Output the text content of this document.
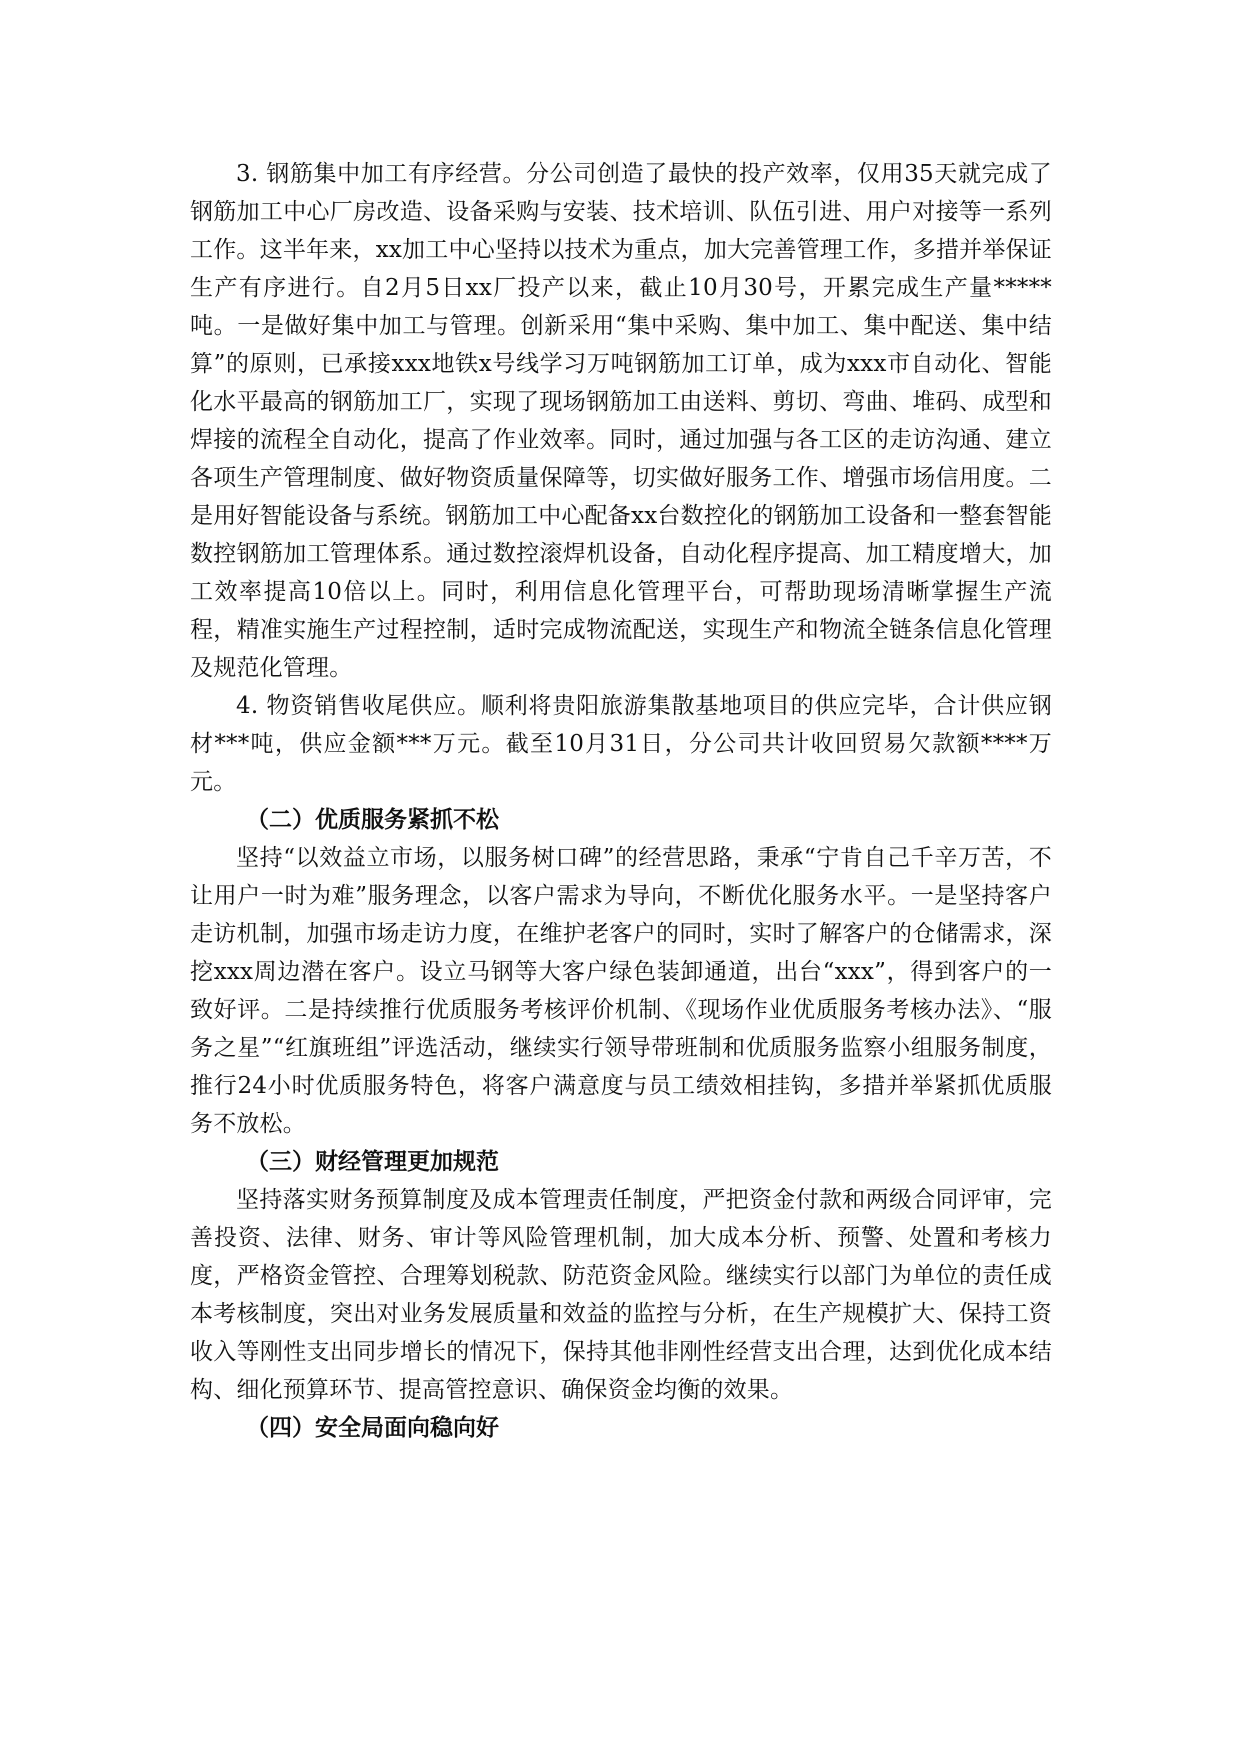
3. 钢筋集中加工有序经营。分公司创造了最快的投产效率，仅用35天就完成了钢筋加工中心厂房改造、设备采购与安装、技术培训、队伍引进、用户对接等一系列工作。这半年来，xx加工中心坚持以技术为重点，加大完善管理工作，多措并举保证生产有序进行。自2月5日xx厂投产以来，截止10月30号，开累完成生产量*****吨。一是做好集中加工与管理。创新采用“集中采购、集中加工、集中配送、集中结算”的原则，已承接xxx地铁x号线学习万吨钢筋加工订单，成为xxx市自动化、智能化水平最高的钢筋加工厂，实现了现场钢筋加工由送料、剪切、弯曲、堆码、成型和焊接的流程全自动化，提高了作业效率。同时，通过加强与各工区的走访沟通、建立各项生产管理制度、做好物资质量保障等，切实做好服务工作、增强市场信用度。二是用好智能设备与系统。钢筋加工中心配备xx台数控化的钢筋加工设备和一整套智能数控钢筋加工管理体系。通过数控滚焊机设备，自动化程序提高、加工精度增大，加工效率提高10倍以上。同时，利用信息化管理平台，可帮助现场清晰掌握生产流程，精准实施生产过程控制，适时完成物流配送，实现生产和物流全链条信息化管理及规范化管理。

4. 物资销售收尾供应。顺利将贵阳旅游集散基地项目的供应完毕，合计供应钢材***吨，供应金额***万元。截至10月31日，分公司共计收回贸易欠款额****万元。

（二）优质服务紧抓不松

坚持“以效益立市场，以服务树口碑”的经营思路，秉承“宁肯自己千辛万苦，不让用户一时为难”服务理念，以客户需求为导向，不断优化服务水平。一是坚持客户走访机制，加强市场走访力度，在维护老客户的同时，实时了解客户的仓储需求，深挖xxx周边潜在客户。设立马钢等大客户绿色装卸通道，出台“xxx”，得到客户的一致好评。二是持续推行优质服务考核评价机制、《现场作业优质服务考核办法》、“服务之星”“红旗班组”评选活动，继续实行领导带班制和优质服务监察小组服务制度，推行24小时优质服务特色，将客户满意度与员工绩效相挂钩，多措并举紧抓优质服务不放松。

（三）财经管理更加规范

坚持落实财务预算制度及成本管理责任制度，严把资金付款和两级合同评审，完善投资、法律、财务、审计等风险管理机制，加大成本分析、预警、处置和考核力度，严格资金管控、合理筹划税款、防范资金风险。继续实行以部门为单位的责任成本考核制度，突出对业务发展质量和效益的监控与分析，在生产规模扩大、保持工资收入等刚性支出同步增长的情况下，保持其他非刚性经营支出合理，达到优化成本结构、细化预算环节、提高管控意识、确保资金均衡的效果。

（四）安全局面向稳向好
